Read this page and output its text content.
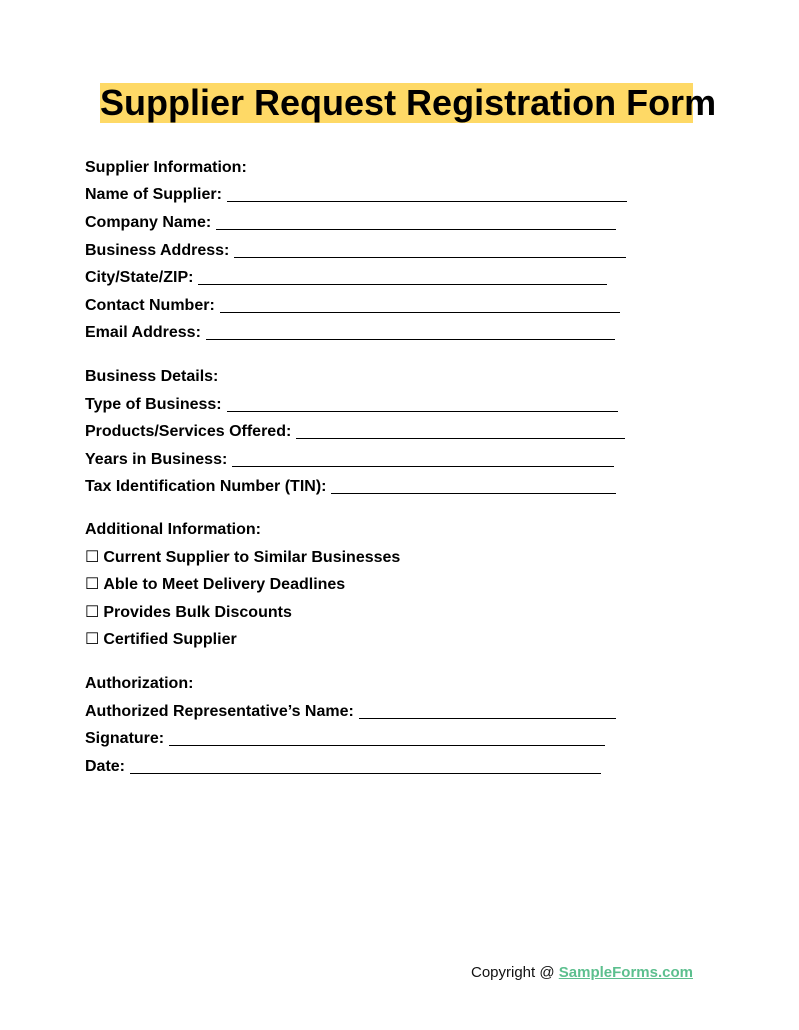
Supplier Request Registration Form
Supplier Information:
Name of Supplier:
Company Name:
Business Address:
City/State/ZIP:
Contact Number:
Email Address:
Business Details:
Type of Business:
Products/Services Offered:
Years in Business:
Tax Identification Number (TIN):
Additional Information:
☐ Current Supplier to Similar Businesses
☐ Able to Meet Delivery Deadlines
☐ Provides Bulk Discounts
☐ Certified Supplier
Authorization:
Authorized Representative’s Name:
Signature:
Date:
Copyright @ SampleForms.com
